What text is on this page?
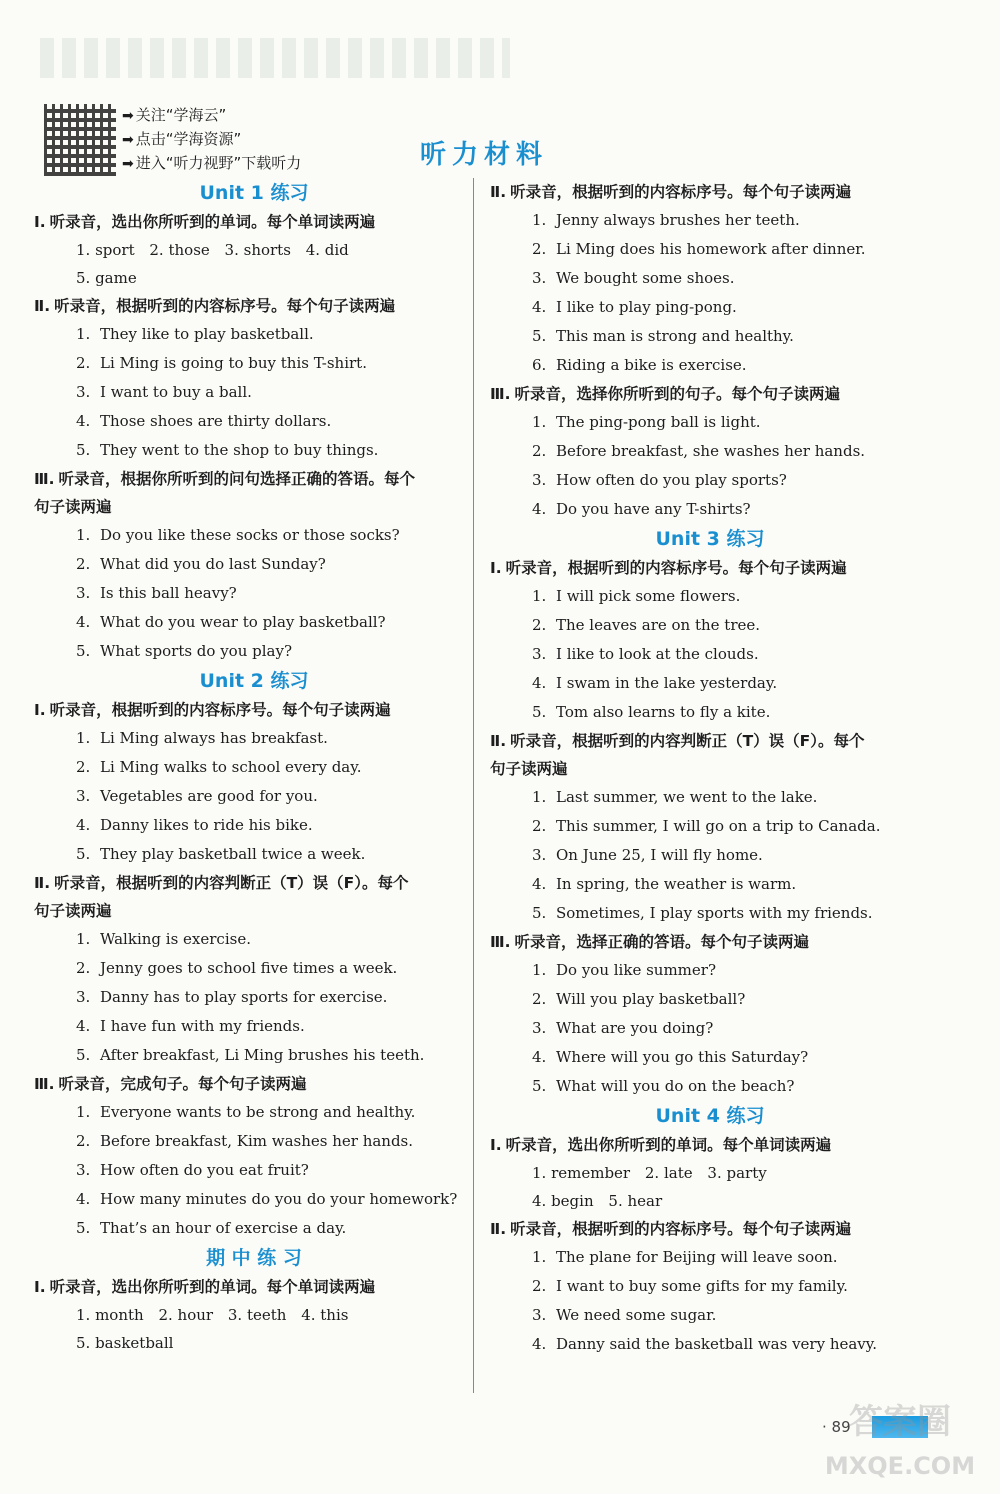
➡ 关注“学海云”
➡ 点击“学海资源”
➡ 进入“听力视野”下载听力	听力材料
Unit 1 练习
Ⅰ. 听录音，选出你所听到的单词。每个单词读两遍
1. sport 2. those 3. shorts 4. did
5. game
Ⅱ. 听录音，根据听到的内容标序号。每个句子读两遍
1. They like to play basketball.
2. Li Ming is going to buy this T-shirt.
3. I want to buy a ball.
4. Those shoes are thirty dollars.
5. They went to the shop to buy things.
Ⅲ. 听录音，根据你所听到的问句选择正确的答语。每个
句子读两遍
1. Do you like these socks or those socks?
2. What did you do last Sunday?
3. Is this ball heavy?
4. What do you wear to play basketball?
5. What sports do you play?
Unit 2 练习
Ⅰ. 听录音，根据听到的内容标序号。每个句子读两遍
1. Li Ming always has breakfast.
2. Li Ming walks to school every day.
3. Vegetables are good for you.
4. Danny likes to ride his bike.
5. They play basketball twice a week.
Ⅱ. 听录音，根据听到的内容判断正（T）误（F）。每个
句子读两遍
1. Walking is exercise.
2. Jenny goes to school five times a week.
3. Danny has to play sports for exercise.
4. I have fun with my friends.
5. After breakfast, Li Ming brushes his teeth.
Ⅲ. 听录音，完成句子。每个句子读两遍
1. Everyone wants to be strong and healthy.
2. Before breakfast, Kim washes her hands.
3. How often do you eat fruit?
4. How many minutes do you do your homework?
5. That’s an hour of exercise a day.
期 中 练 习
Ⅰ. 听录音，选出你所听到的单词。每个单词读两遍
1. month 2. hour 3. teeth 4. this
5. basketball
Ⅱ. 听录音，根据听到的内容标序号。每个句子读两遍
1. Jenny always brushes her teeth.
2. Li Ming does his homework after dinner.
3. We bought some shoes.
4. I like to play ping-pong.
5. This man is strong and healthy.
6. Riding a bike is exercise.
Ⅲ. 听录音，选择你所听到的句子。每个句子读两遍
1. The ping-pong ball is light.
2. Before breakfast, she washes her hands.
3. How often do you play sports?
4. Do you have any T-shirts?
Unit 3 练习
Ⅰ. 听录音，根据听到的内容标序号。每个句子读两遍
1. I will pick some flowers.
2. The leaves are on the tree.
3. I like to look at the clouds.
4. I swam in the lake yesterday.
5. Tom also learns to fly a kite.
Ⅱ. 听录音，根据听到的内容判断正（T）误（F）。每个
句子读两遍
1. Last summer, we went to the lake.
2. This summer, I will go on a trip to Canada.
3. On June 25, I will fly home.
4. In spring, the weather is warm.
5. Sometimes, I play sports with my friends.
Ⅲ. 听录音，选择正确的答语。每个句子读两遍
1. Do you like summer?
2. Will you play basketball?
3. What are you doing?
4. Where will you go this Saturday?
5. What will you do on the beach?
Unit 4 练习
Ⅰ. 听录音，选出你所听到的单词。每个单词读两遍
1. remember 2. late 3. party
4. begin 5. hear
Ⅱ. 听录音，根据听到的内容标序号。每个句子读两遍
1. The plane for Beijing will leave soon.
2. I want to buy some gifts for my family.
3. We need some sugar.
4. Danny said the basketball was very heavy.
· 89
答案圈
MXQE.COM
